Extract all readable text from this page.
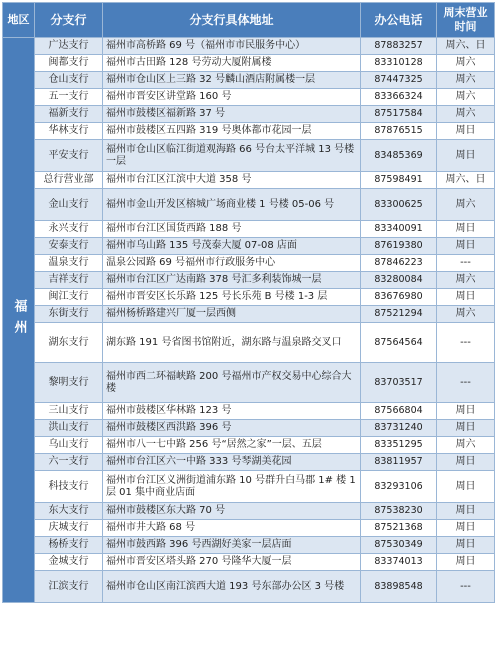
地区	分支行	分支行具体地址	办公电话	周末营业时间
福州	广达支行	福州市高桥路 69 号（福州市市民服务中心）	87883257	周六、日
	闽都支行	福州市古田路 128 号劳动大厦附属楼	83310128	周六
	仓山支行	福州市仓山区上三路 32 号麟山酒店附属楼一层	87447325	周六
	五一支行	福州市晋安区讲堂路 160 号	83366324	周六
	福新支行	福州市鼓楼区福新路 37 号	87517584	周六
	华林支行	福州市鼓楼区五四路 319 号奥体都市花园一层	87876515	周日
	平安支行	福州市仓山区临江街道观海路 66 号台太平洋城 13 号楼一层	83485369	周日
	总行营业部	福州市台江区江滨中大道 358 号	87598491	周六、日
	金山支行	福州市金山开发区榕城广场商业楼 1 号楼 05-06 号	83300625	周六
	永兴支行	福州市台江区国货西路 188 号	83340091	周日
	安泰支行	福州市乌山路 135 号茂泰大厦 07-08 店面	87619380	周日
	温泉支行	温泉公园路 69 号福州市行政服务中心	87846223	---
	吉祥支行	福州市台江区广达南路 378 号汇多利装饰城一层	83280084	周六
	闽江支行	福州市晋安区长乐路 125 号长乐苑 B 号楼 1-3 层	83676980	周日
	东街支行	福州杨桥路建兴厂厦一层西侧	87521294	周六
	湖东支行	湖东路 191 号省图书馆附近，湖东路与温泉路交叉口	87564564	---
	黎明支行	福州市西二环福峡路 200 号福州市产权交易中心综合大楼	83703517	---
	三山支行	福州市鼓楼区华林路 123 号	87566804	周日
	洪山支行	福州市鼓楼区西洪路 396 号	83731240	周日
	乌山支行	福州市八一七中路 256 号“居然之家”一层、五层	83351295	周六
	六一支行	福州市台江区六一中路 333 号琴湖美花园	83811957	周日
	科技支行	福州市台江区义洲街道浦东路 10 号群升白马郡 1# 楼 1 层 01 集中商业店面	83293106	周日
	东大支行	福州市鼓楼区东大路 70 号	87538230	周日
	庆城支行	福州市井大路 68 号	87521368	周日
	杨桥支行	福州市鼓西路 396 号西湖好美家一层店面	87530349	周日
	金城支行	福州市晋安区塔头路 270 号隆华大厦一层	83374013	周日
	江滨支行	福州市仓山区南江滨西大道 193 号东部办公区 3 号楼	83898548	---
